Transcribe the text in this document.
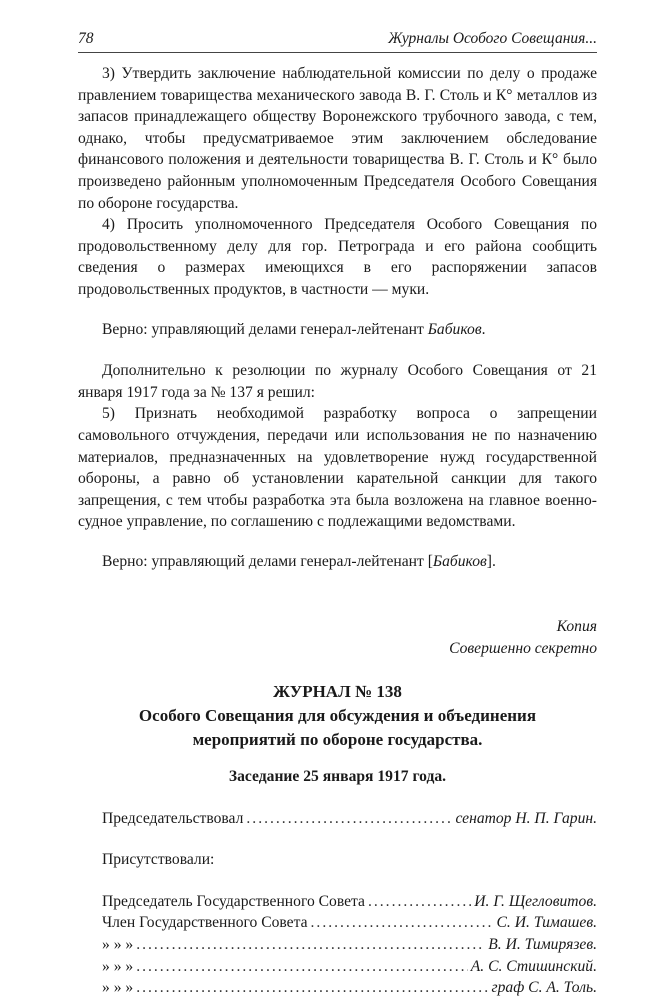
78	Журналы Особого Совещания...

3) Утвердить заключение наблюдательной комиссии по делу о продаже правлением товарищества механического завода В. Г. Столь и К° металлов из запасов принадлежащего обществу Воронежского трубочного завода, с тем, однако, чтобы предусматриваемое этим заключением обследование финансового положения и деятельности товарищества В. Г. Столь и К° было произведено районным уполномоченным Председателя Особого Совещания по обороне государства.

4) Просить уполномоченного Председателя Особого Совещания по продовольственному делу для гор. Петрограда и его района сообщить сведения о размерах имеющихся в его распоряжении запасов продовольственных продуктов, в частности — муки.

Верно: управляющий делами генерал-лейтенант Бабиков.

Дополнительно к резолюции по журналу Особого Совещания от 21 января 1917 года за № 137 я решил:

5) Признать необходимой разработку вопроса о запрещении самовольного отчуждения, передачи или использования не по назначению материалов, предназначенных на удовлетворение нужд государственной обороны, а равно об установлении карательной санкции для такого запрещения, с тем чтобы разработка эта была возложена на главное военно-судное управление, по соглашению с подлежащими ведомствами.

Верно: управляющий делами генерал-лейтенант [Бабиков].

Копия
Совершенно секретно
ЖУРНАЛ № 138
Особого Совещания для обсуждения и объединения
мероприятий по обороне государства.
Заседание 25 января 1917 года.
Председательствовал .....	сенатор Н. П. Гарин.
Присутствовали:
Председатель Государственного Совета .....	И. Г. Щегловитов.
Член Государственного Совета .....	С. И. Тимашев.
» » » .....	В. И. Тимирязев.
» » » .....	А. С. Стишинский.
» » » .....	граф С. А. Толь.
